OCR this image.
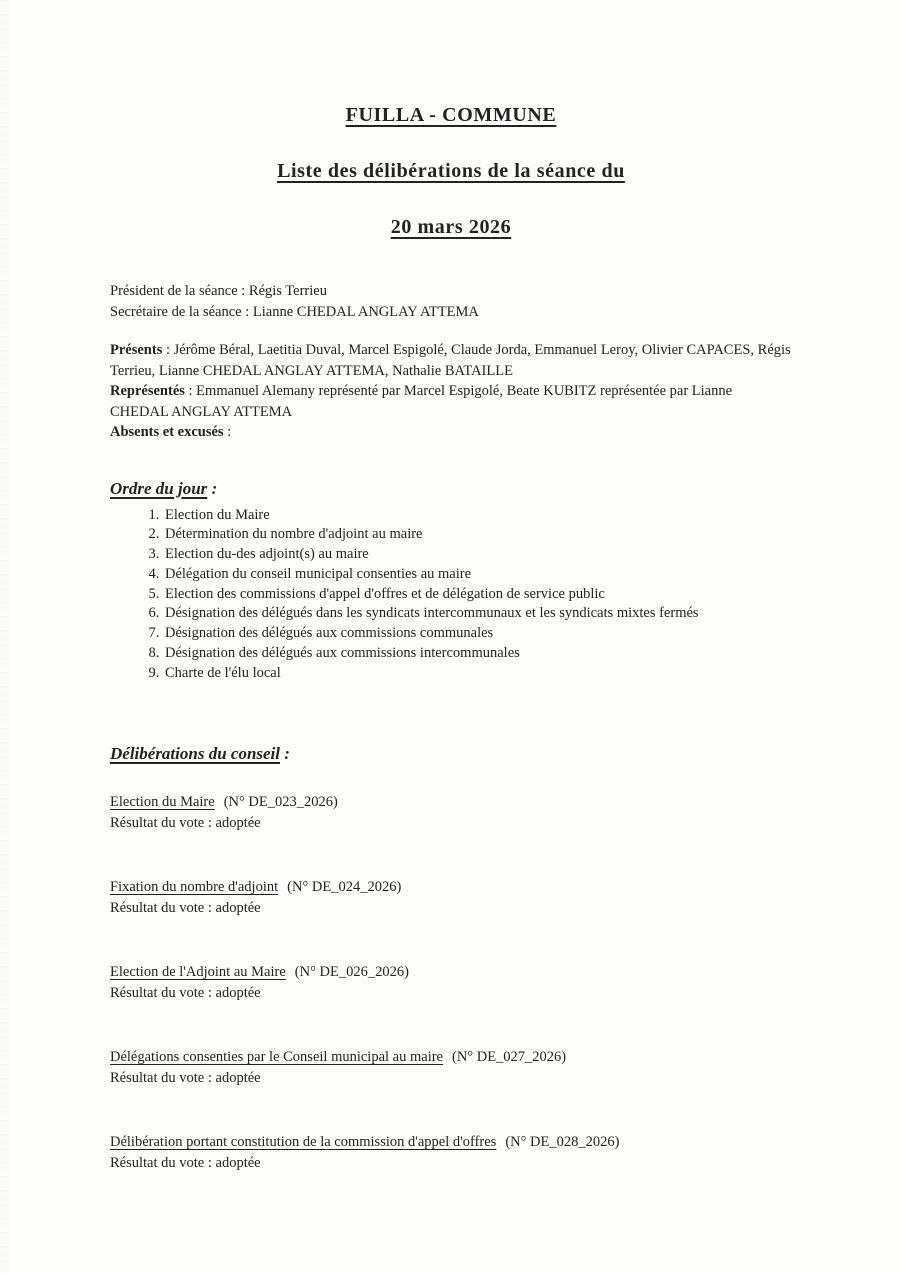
FUILLA - COMMUNE
Liste des délibérations de la séance du
20 mars 2026

Président de la séance : Régis Terrieu

Secrétaire de la séance : Lianne CHEDAL ANGLAY ATTEMA

Présents : Jérôme Béral, Laetitia Duval, Marcel Espigolé, Claude Jorda, Emmanuel Leroy, Olivier CAPACES, Régis Terrieu, Lianne CHEDAL ANGLAY ATTEMA, Nathalie BATAILLE

Représentés : Emmanuel Alemany représenté par Marcel Espigolé, Beate KUBITZ représentée par Lianne CHEDAL ANGLAY ATTEMA

Absents et excusés :

Ordre du jour :
1. Election du Maire
2. Détermination du nombre d'adjoint au maire
3. Election du-des adjoint(s) au maire
4. Délégation du conseil municipal consenties au maire
5. Election des commissions d'appel d'offres et de délégation de service public
6. Désignation des délégués dans les syndicats intercommunaux et les syndicats mixtes fermés
7. Désignation des délégués aux commissions communales
8. Désignation des délégués aux commissions intercommunales
9. Charte de l'élu local
Délibérations du conseil :

Election du Maire (N° DE_023_2026)

Résultat du vote : adoptée

Fixation du nombre d'adjoint (N° DE_024_2026)

Résultat du vote : adoptée

Election de l'Adjoint au Maire (N° DE_026_2026)

Résultat du vote : adoptée

Délégations consenties par le Conseil municipal au maire (N° DE_027_2026)

Résultat du vote : adoptée

Délibération portant constitution de la commission d'appel d'offres (N° DE_028_2026)

Résultat du vote : adoptée
